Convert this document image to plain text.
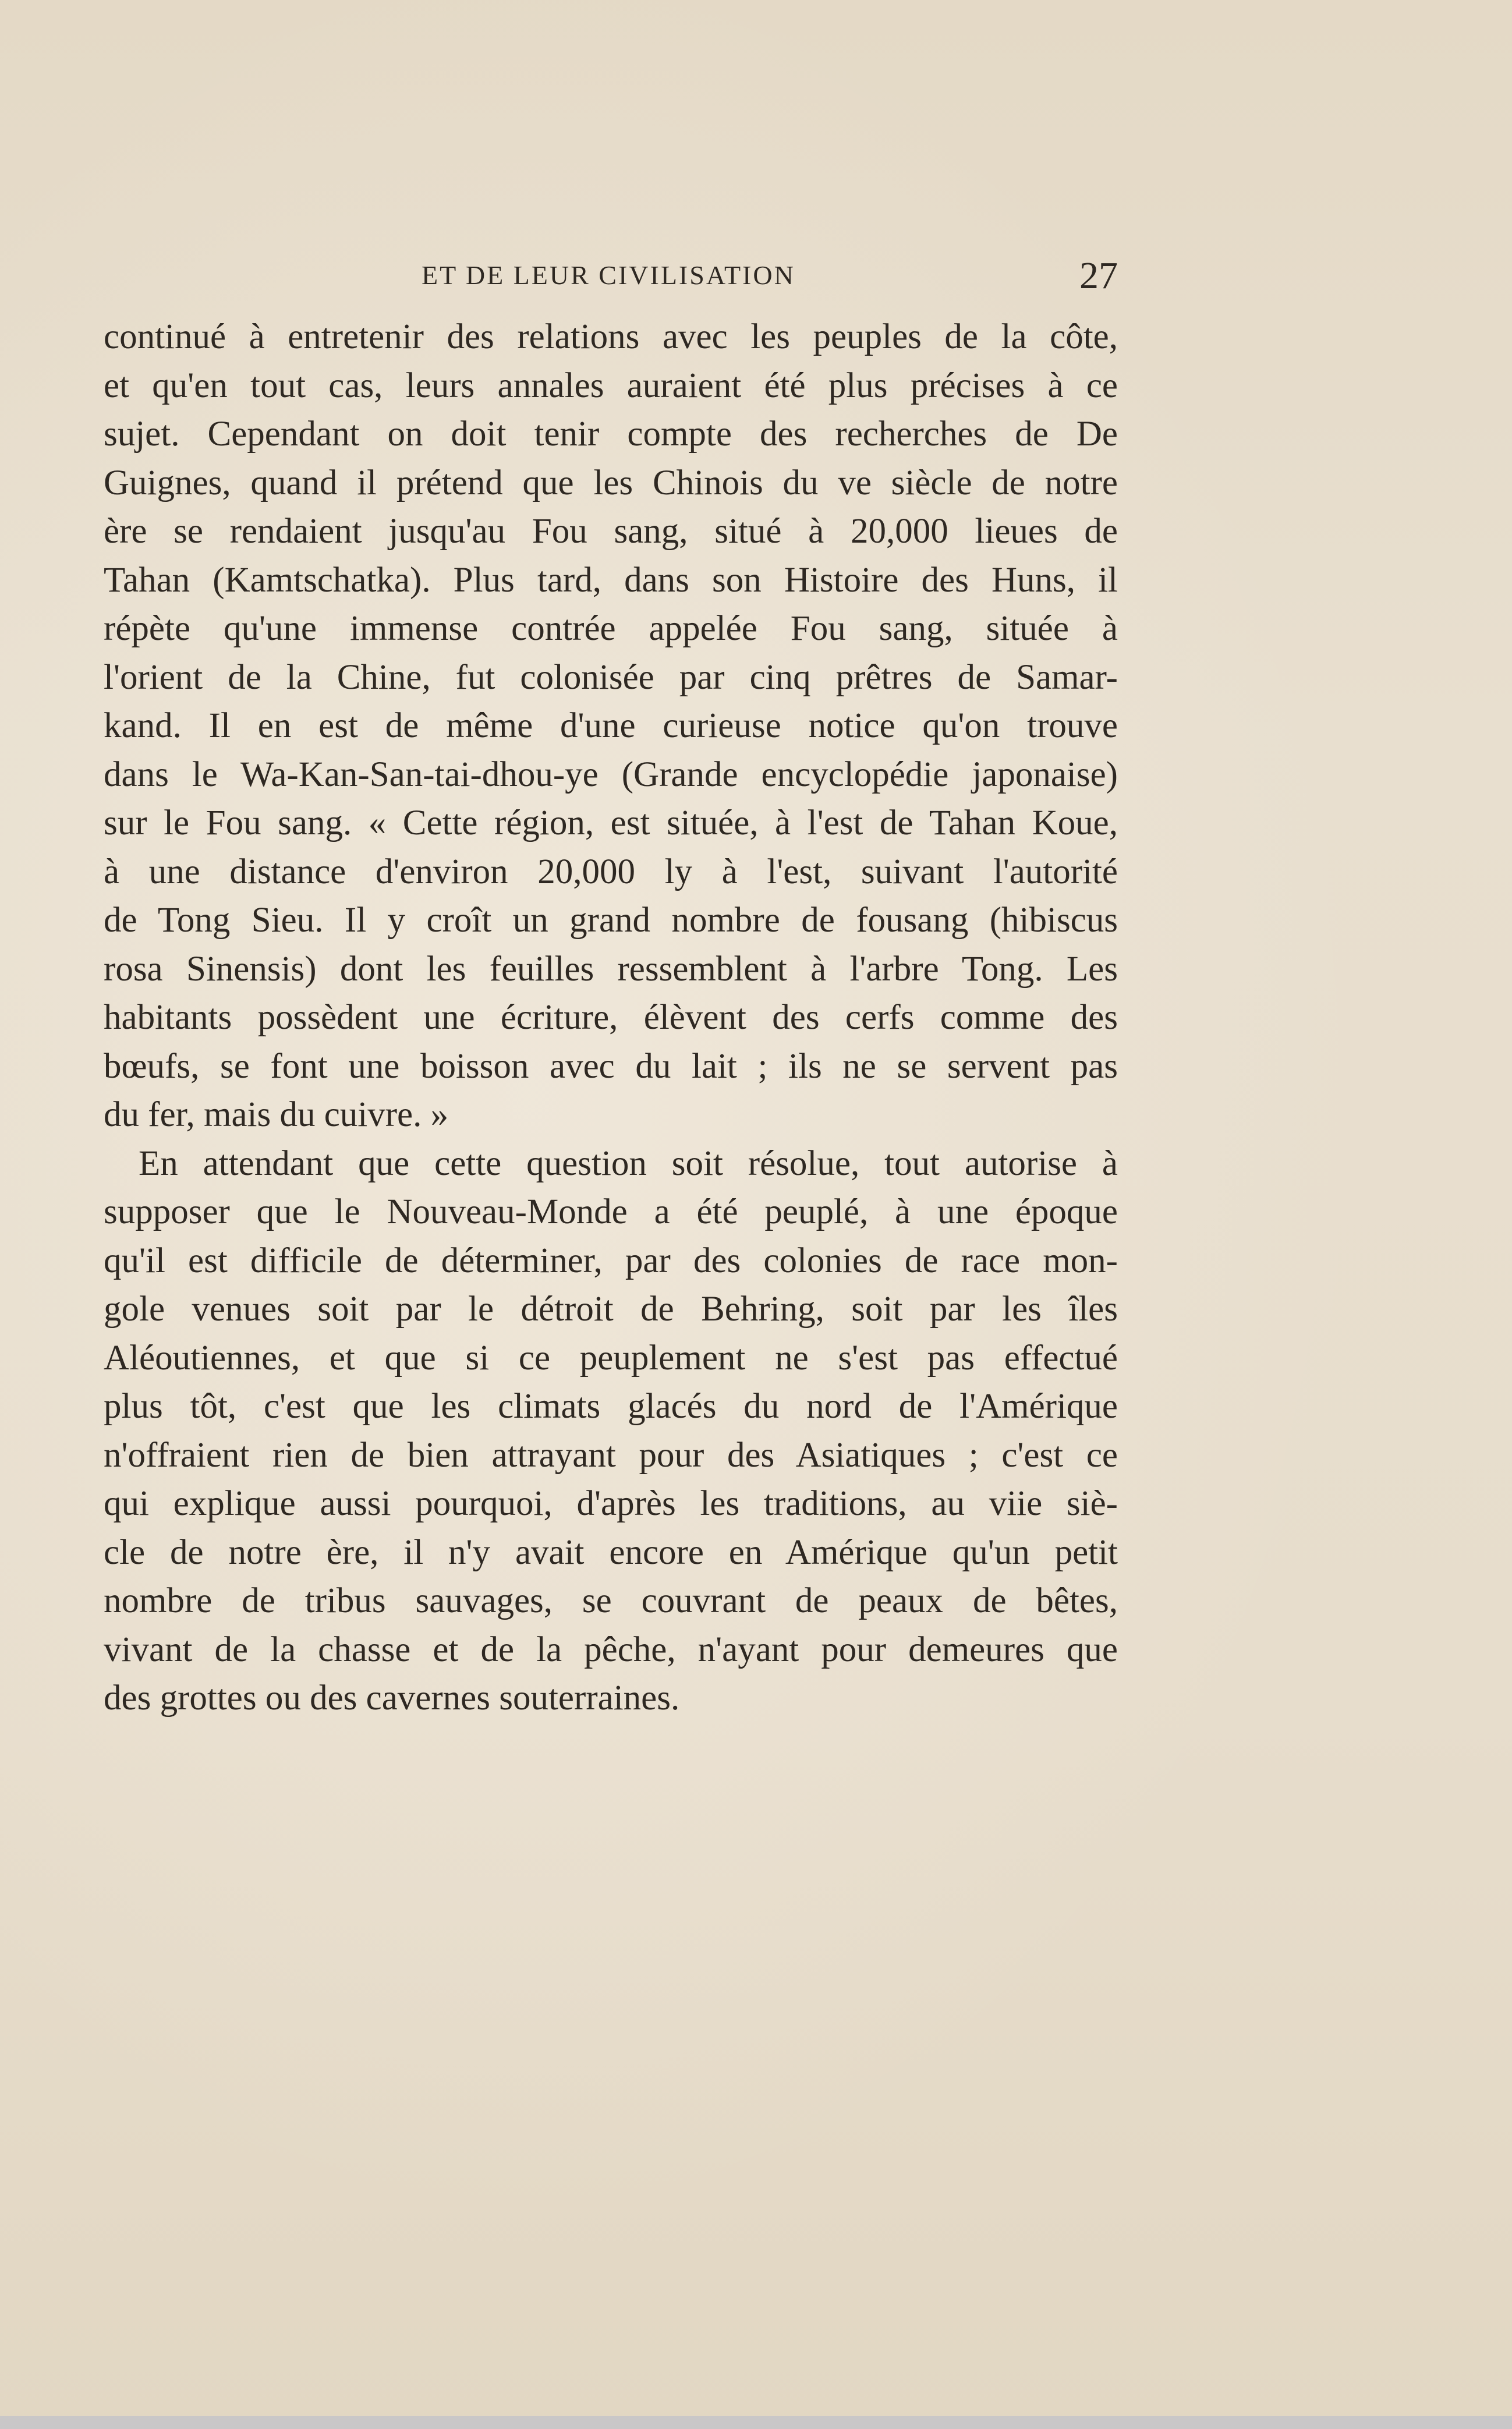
ET DE LEUR CIVILISATION	27
continué à entretenir des relations avec les peuples de la côte,
et qu'en tout cas, leurs annales auraient été plus précises à ce
sujet. Cependant on doit tenir compte des recherches de De
Guignes, quand il prétend que les Chinois du ve siècle de notre
ère se rendaient jusqu'au Fou sang, situé à 20,000 lieues de
Tahan (Kamtschatka). Plus tard, dans son Histoire des Huns, il
répète qu'une immense contrée appelée Fou sang, située à
l'orient de la Chine, fut colonisée par cinq prêtres de Samar-
kand. Il en est de même d'une curieuse notice qu'on trouve
dans le Wa-Kan-San-tai-dhou-ye (Grande encyclopédie japonaise)
sur le Fou sang. « Cette région, est située, à l'est de Tahan Koue,
à une distance d'environ 20,000 ly à l'est, suivant l'autorité
de Tong Sieu. Il y croît un grand nombre de fousang (hibiscus
rosa Sinensis) dont les feuilles ressemblent à l'arbre Tong. Les
habitants possèdent une écriture, élèvent des cerfs comme des
bœufs, se font une boisson avec du lait ; ils ne se servent pas
du fer, mais du cuivre. »
En attendant que cette question soit résolue, tout autorise à
supposer que le Nouveau-Monde a été peuplé, à une époque
qu'il est difficile de déterminer, par des colonies de race mon-
gole venues soit par le détroit de Behring, soit par les îles
Aléoutiennes, et que si ce peuplement ne s'est pas effectué
plus tôt, c'est que les climats glacés du nord de l'Amérique
n'offraient rien de bien attrayant pour des Asiatiques ; c'est ce
qui explique aussi pourquoi, d'après les traditions, au viie siè-
cle de notre ère, il n'y avait encore en Amérique qu'un petit
nombre de tribus sauvages, se couvrant de peaux de bêtes,
vivant de la chasse et de la pêche, n'ayant pour demeures que
des grottes ou des cavernes souterraines.
